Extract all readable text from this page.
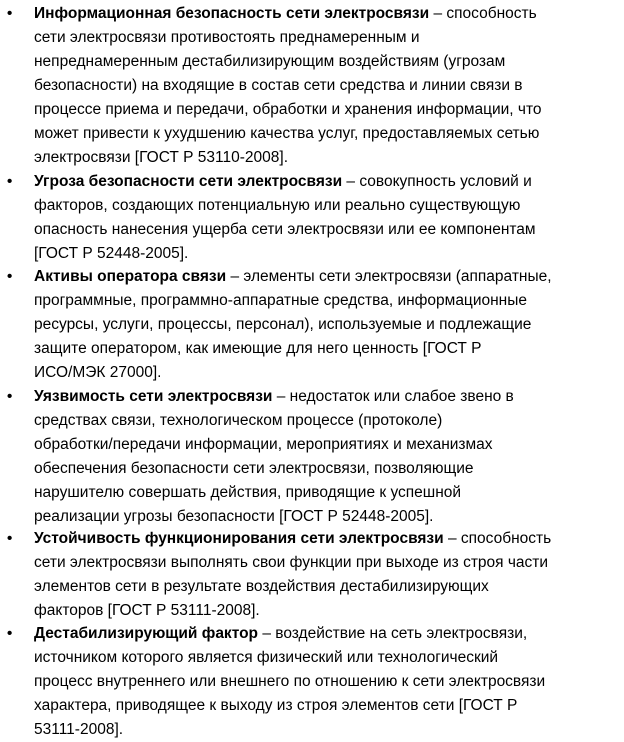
• Информационная безопасность сети электросвязи – способность
сети электросвязи противостоять преднамеренным и
непреднамеренным дестабилизирующим воздействиям (угрозам
безопасности) на входящие в состав сети средства и линии связи в
процессе приема и передачи, обработки и хранения информации, что
может привести к ухудшению качества услуг, предоставляемых сетью
электросвязи [ГОСТ Р 53110-2008].
• Угроза безопасности сети электросвязи – совокупность условий и
факторов, создающих потенциальную или реально существующую
опасность нанесения ущерба сети электросвязи или ее компонентам
[ГОСТ Р 52448-2005].
• Активы оператора связи – элементы сети электросвязи (аппаратные,
программные, программно-аппаратные средства, информационные
ресурсы, услуги, процессы, персонал), используемые и подлежащие
защите оператором, как имеющие для него ценность [ГОСТ Р
ИСО/МЭК 27000].
• Уязвимость сети электросвязи – недостаток или слабое звено в
средствах связи, технологическом процессе (протоколе)
обработки/передачи информации, мероприятиях и механизмах
обеспечения безопасности сети электросвязи, позволяющие
нарушителю совершать действия, приводящие к успешной
реализации угрозы безопасности [ГОСТ Р 52448-2005].
• Устойчивость функционирования сети электросвязи – способность
сети электросвязи выполнять свои функции при выходе из строя части
элементов сети в результате воздействия дестабилизирующих
факторов [ГОСТ Р 53111-2008].
• Дестабилизирующий фактор – воздействие на сеть электросвязи,
источником которого является физический или технологический
процесс внутреннего или внешнего по отношению к сети электросвязи
характера, приводящее к выходу из строя элементов сети [ГОСТ Р
53111-2008].
